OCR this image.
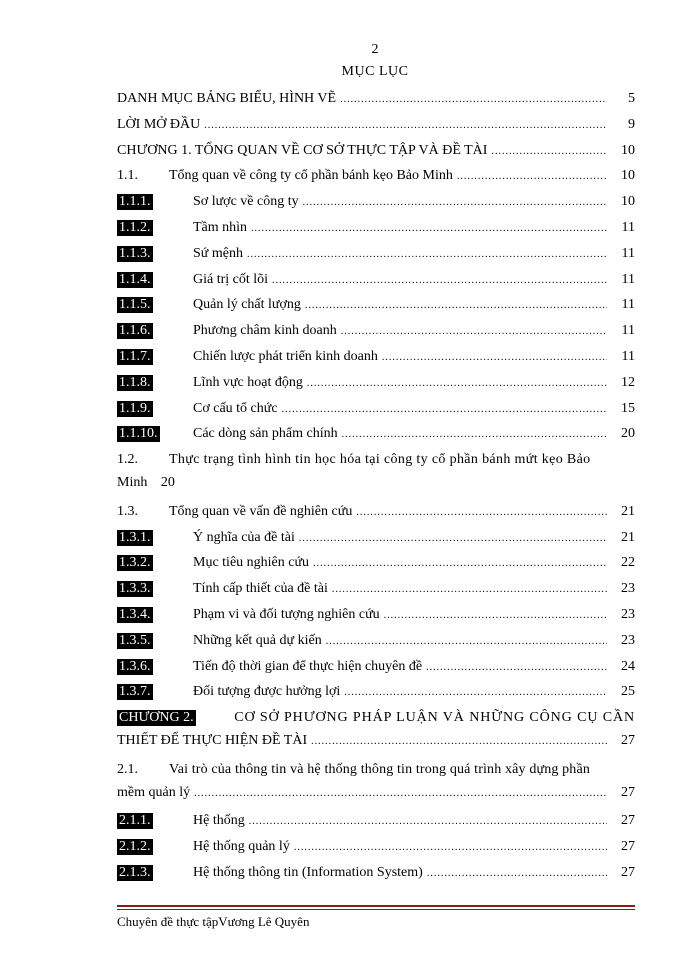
2
MỤC LỤC
DANH MỤC BẢNG BIỂU, HÌNH VẼ .....	5
LỜI MỞ ĐẦU .....	9
CHƯƠNG 1. TỔNG QUAN VỀ CƠ SỞ THỰC TẬP VÀ ĐỀ TÀI .....	10
1.1.	Tổng quan về công ty cổ phần bánh kẹo Bảo Minh .....	10
1.1.1.	Sơ lược về công ty .....	10
1.1.2.	Tầm nhìn .....	11
1.1.3.	Sứ mệnh .....	11
1.1.4.	Giá trị cốt lõi .....	11
1.1.5.	Quản lý chất lượng .....	11
1.1.6.	Phương châm kinh doanh .....	11
1.1.7.	Chiến lược phát triển kinh doanh .....	11
1.1.8.	Lĩnh vực hoạt động .....	12
1.1.9.	Cơ cấu tổ chức .....	15
1.1.10.	Các dòng sản phẩm chính .....	20
1.2.	Thực trạng tình hình tin học hóa tại công ty cổ phần bánh mứt kẹo Bảo
Minh 20
1.3.	Tổng quan về vấn đề nghiên cứu .....	21
1.3.1.	Ý nghĩa của đề tài .....	21
1.3.2.	Mục tiêu nghiên cứu .....	22
1.3.3.	Tính cấp thiết của đề tài .....	23
1.3.4.	Phạm vi và đối tượng nghiên cứu .....	23
1.3.5.	Những kết quả dự kiến .....	23
1.3.6.	Tiến độ thời gian để thực hiện chuyên đề .....	24
1.3.7.	Đối tượng được hưởng lợi .....	25
CHƯƠNG 2.	CƠ SỞ PHƯƠNG PHÁP LUẬN VÀ NHỮNG CÔNG CỤ CẦN
THIẾT ĐỂ THỰC HIỆN ĐỀ TÀI .....	27
2.1.	Vai trò của thông tin và hệ thống thông tin trong quá trình xây dựng phần
mềm quản lý .....	27
2.1.1.	Hệ thống .....	27
2.1.2.	Hệ thống quản lý .....	27
2.1.3.	Hệ thống thông tin (Information System) .....	27
Chuyên đề thực tậpVương Lê Quyên
